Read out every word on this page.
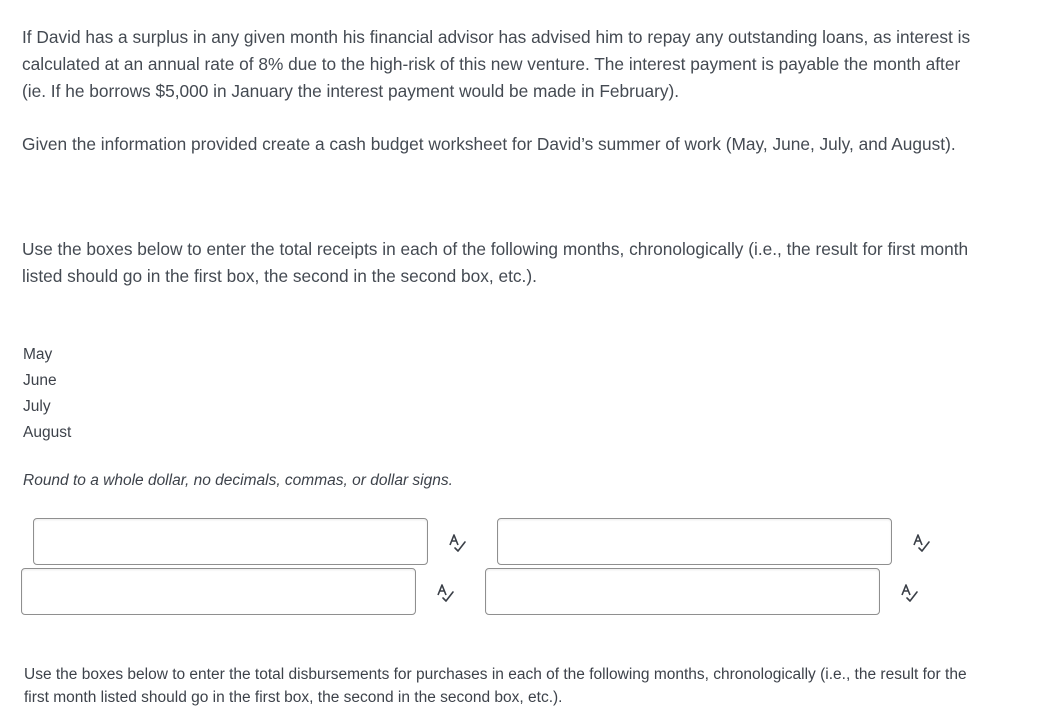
If David has a surplus in any given month his financial advisor has advised him to repay any outstanding loans, as interest is calculated at an annual rate of 8% due to the high-risk of this new venture. The interest payment is payable the month after (ie. If he borrows $5,000 in January the interest payment would be made in February).

Given the information provided create a cash budget worksheet for David’s summer of work (May, June, July, and August).

Use the boxes below to enter the total receipts in each of the following months, chronologically (i.e., the result for first month listed should go in the first box, the second in the second box, etc.).

May
June
July
August
Round to a whole dollar, no decimals, commas, or dollar signs.

Use the boxes below to enter the total disbursements for purchases in each of the following months, chronologically (i.e., the result for the first month listed should go in the first box, the second in the second box, etc.).
